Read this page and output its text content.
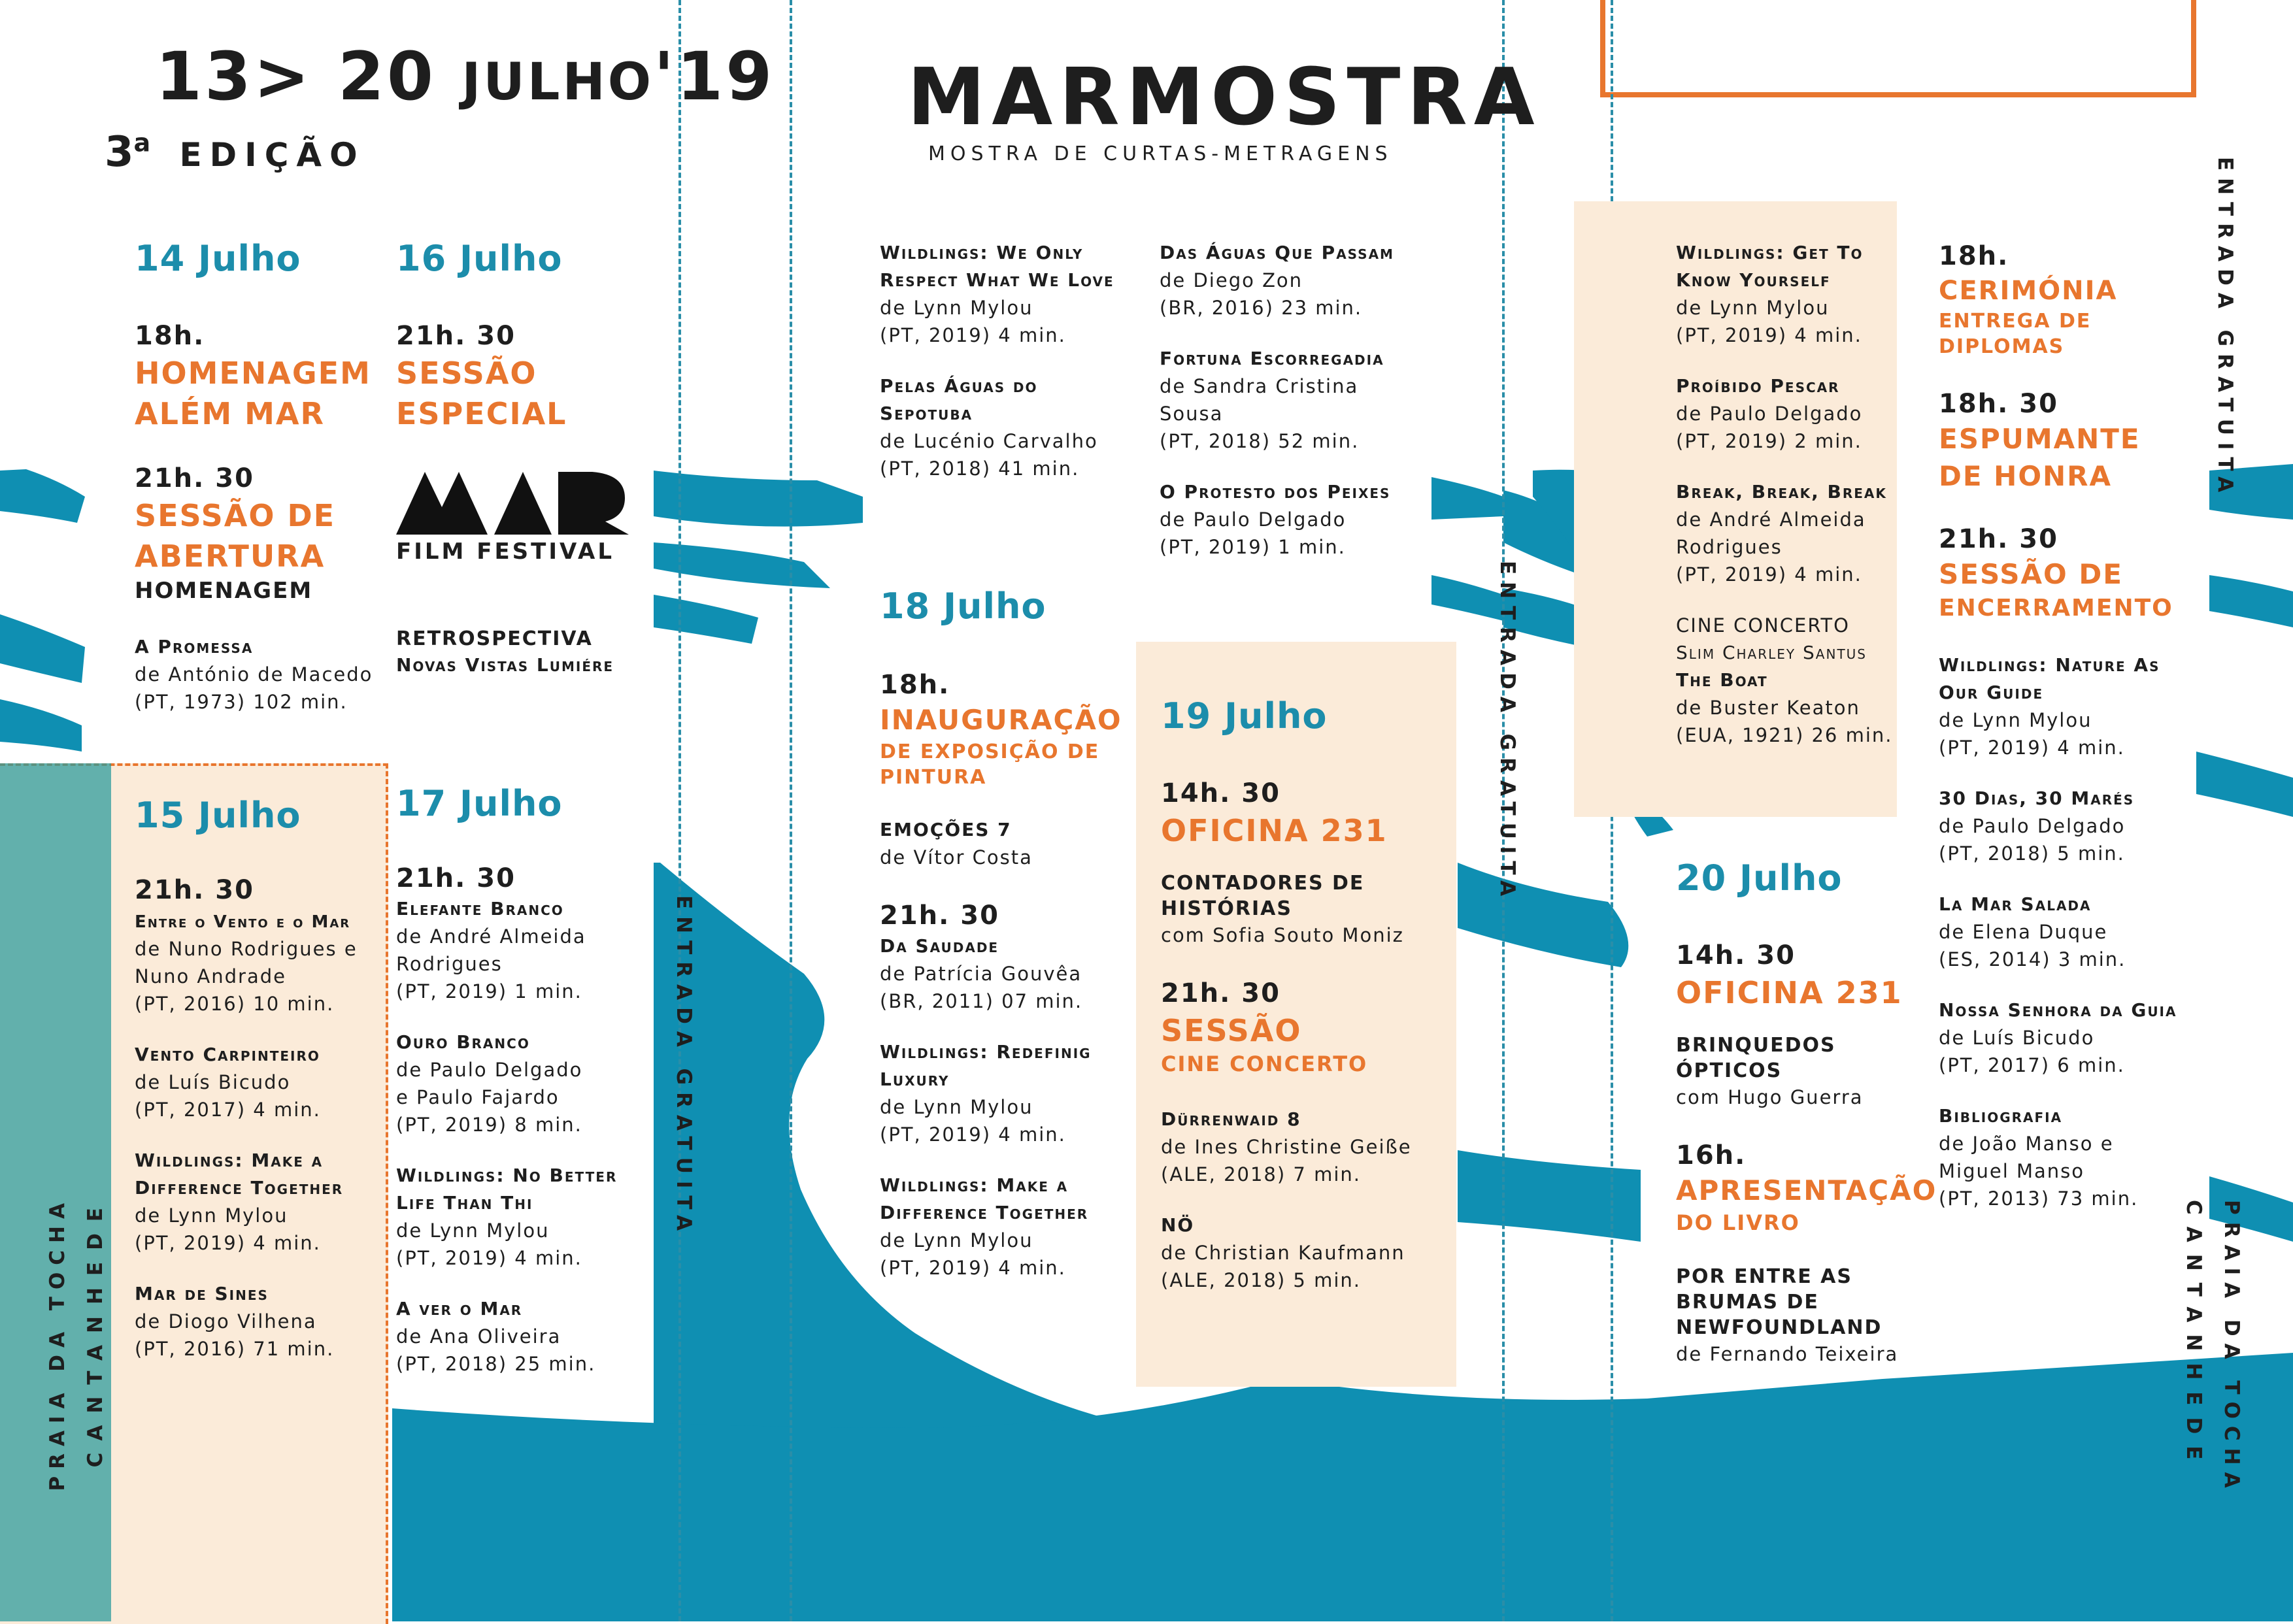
13> 20 JULHO'19
3$^a$ EDIÇÃO
MARMOSTRA
MOSTRA DE CURTAS-METRAGENS
14 Julho

18h.

HOMENAGEM ALÉM MAR

21h. 30

SESSÃO DE ABERTURA

HOMENAGEM

A Promessa

de António de Macedo

(PT, 1973) 102 min.

16 Julho

21h. 30

SESSÃO ESPECIAL

FILM FESTIVAL

RETROSPECTIVA

Novas Vistas Lumiére

15 Julho

21h. 30

Entre o Vento e o Mar

de Nuno Rodrigues e

Nuno Andrade

(PT, 2016) 10 min.

Vento Carpinteiro

de Luís Bicudo

(PT, 2017) 4 min.

Wildlings: Make a Difference Together

de Lynn Mylou

(PT, 2019) 4 min.

Mar de Sines

de Diogo Vilhena

(PT, 2016) 71 min.

17 Julho

21h. 30

Elefante Branco

de André Almeida

Rodrigues

(PT, 2019) 1 min.

Ouro Branco

de Paulo Delgado

e Paulo Fajardo

(PT, 2019) 8 min.

Wildlings: No Better Life Than Thi

de Lynn Mylou

(PT, 2019) 4 min.

A ver o Mar

de Ana Oliveira

(PT, 2018) 25 min.

Wildlings: We Only Respect What We Love

de Lynn Mylou

(PT, 2019) 4 min.

Pelas Águas do Sepotuba

de Lucénio Carvalho

(PT, 2018) 41 min.

Das Águas Que Passam

de Diego Zon

(BR, 2016) 23 min.

Fortuna Escorregadia

de Sandra Cristina

Sousa

(PT, 2018) 52 min.

O Protesto dos Peixes

de Paulo Delgado

(PT, 2019) 1 min.

18 Julho

18h.

INAUGURAÇÃO

DE EXPOSIÇÃO DE PINTURA

EMOÇÕES 7

de Vítor Costa

21h. 30

Da Saudade

de Patrícia Gouvêa

(BR, 2011) 07 min.

Wildlings: Redefinig Luxury

de Lynn Mylou

(PT, 2019) 4 min.

Wildlings: Make a Difference Together

de Lynn Mylou

(PT, 2019) 4 min.

19 Julho

14h. 30

OFICINA 231

CONTADORES DE HISTÓRIAS

com Sofia Souto Moniz

21h. 30

SESSÃO

CINE CONCERTO

Dürrenwaid 8

de Ines Christine Geiße

(ALE, 2018) 7 min.

NÖ

de Christian Kaufmann

(ALE, 2018) 5 min.

Wildlings: Get To Know Yourself

de Lynn Mylou

(PT, 2019) 4 min.

Proíbido Pescar

de Paulo Delgado

(PT, 2019) 2 min.

Break, Break, Break

de André Almeida

Rodrigues

(PT, 2019) 4 min.

CINE CONCERTO

Slim Charley Santus

The Boat

de Buster Keaton

(EUA, 1921) 26 min.

20 Julho

14h. 30

OFICINA 231

BRINQUEDOS ÓPTICOS

com Hugo Guerra

16h.

APRESENTAÇÃO

DO LIVRO

POR ENTRE AS BRUMAS DE NEWFOUNDLAND

de Fernando Teixeira

18h.

CERIMÓNIA

ENTREGA DE DIPLOMAS

18h. 30

ESPUMANTE DE HONRA

21h. 30

SESSÃO DE

ENCERRAMENTO

Wildlings: Nature As Our Guide

de Lynn Mylou

(PT, 2019) 4 min.

30 Dias, 30 Marés

de Paulo Delgado

(PT, 2018) 5 min.

La Mar Salada

de Elena Duque

(ES, 2014) 3 min.

Nossa Senhora da Guia

de Luís Bicudo

(PT, 2017) 6 min.

Bibliografia

de João Manso e

Miguel Manso

(PT, 2013) 73 min.

ENTRADA GRATUITA
ENTRADA GRATUITA
ENTRADA GRATUITA
PRAIA DA TOCHA CANTANHEDE	PRAIA DA TOCHA
CANTANHEDE
